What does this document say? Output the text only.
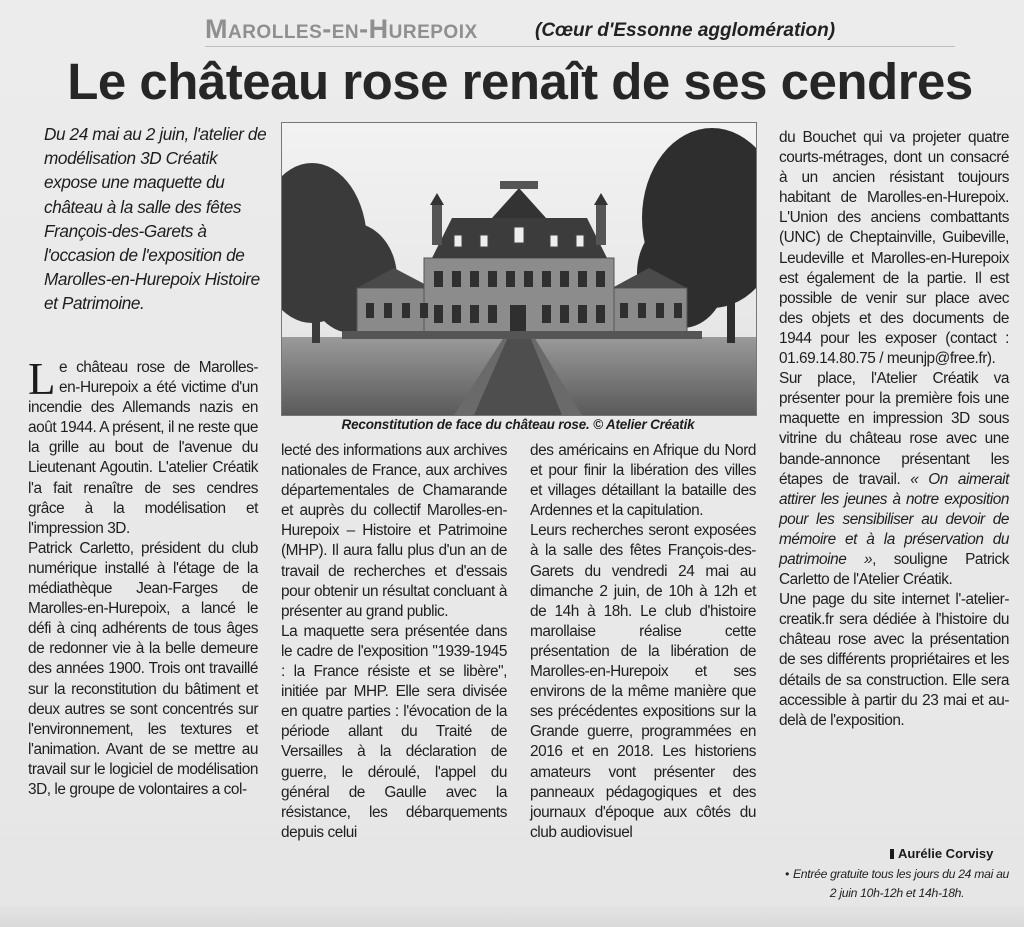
Marolles-en-Hurepoix	(Cœur d'Essonne agglomération)
Le château rose renaît de ses cendres
Du 24 mai au 2 juin, l'atelier de modélisation 3D Créatik expose une maquette du château à la salle des fêtes François-des-Garets à l'occasion de l'exposition de Marolles-en-Hurepoix Histoire et Patrimoine.
Reconstitution de face du château rose. © Atelier Créatik

Le château rose de Marolles-en-Hurepoix a été victime d'un incendie des Allemands nazis en août 1944. A présent, il ne reste que la grille au bout de l'avenue du Lieutenant Agoutin. L'atelier Créatik l'a fait renaître de ses cendres grâce à la modélisation et l'impression 3D.

Patrick Carletto, président du club numérique installé à l'étage de la médiathèque Jean-Farges de Marolles-en-Hurepoix, a lancé le défi à cinq adhérents de tous âges de redonner vie à la belle demeure des années 1900. Trois ont travaillé sur la reconstitution du bâtiment et deux autres se sont concentrés sur l'environnement, les textures et l'animation. Avant de se mettre au travail sur le logiciel de modélisation 3D, le groupe de volontaires a col-

lecté des informations aux archives nationales de France, aux archives départementales de Chamarande et auprès du collectif Marolles-en-Hurepoix – Histoire et Patrimoine (MHP). Il aura fallu plus d'un an de travail de recherches et d'essais pour obtenir un résultat concluant à présenter au grand public.

La maquette sera présentée dans le cadre de l'exposition "1939-1945 : la France résiste et se libère", initiée par MHP. Elle sera divisée en quatre parties : l'évocation de la période allant du Traité de Versailles à la déclaration de guerre, le déroulé, l'appel du général de Gaulle avec la résistance, les débarquements depuis celui

des américains en Afrique du Nord et pour finir la libération des villes et villages détaillant la bataille des Ardennes et la capitulation.

Leurs recherches seront exposées à la salle des fêtes François-des-Garets du vendredi 24 mai au dimanche 2 juin, de 10h à 12h et de 14h à 18h. Le club d'histoire marollaise réalise cette présentation de la libération de Marolles-en-Hurepoix et ses environs de la même manière que ses précédentes expositions sur la Grande guerre, programmées en 2016 et en 2018. Les historiens amateurs vont présenter des panneaux pédagogiques et des journaux d'époque aux côtés du club audiovisuel

du Bouchet qui va projeter quatre courts-métrages, dont un consacré à un ancien résistant toujours habitant de Marolles-en-Hurepoix. L'Union des anciens combattants (UNC) de Cheptainville, Guibeville, Leudeville et Marolles-en-Hurepoix est également de la partie. Il est possible de venir sur place avec des objets et des documents de 1944 pour les exposer (contact : 01.69.14.80.75 / meunjp@free.fr).

Sur place, l'Atelier Créatik va présenter pour la première fois une maquette en impression 3D sous vitrine du château rose avec une bande-annonce présentant les étapes de travail. « On aimerait attirer les jeunes à notre exposition pour les sensibiliser au devoir de mémoire et à la préservation du patrimoine », souligne Patrick Carletto de l'Atelier Créatik.

Une page du site internet l'-atelier-creatik.fr sera dédiée à l'histoire du château rose avec la présentation de ses différents propriétaires et les détails de sa construction. Elle sera accessible à partir du 23 mai et au-delà de l'exposition.

Aurélie Corvisy
• Entrée gratuite tous les jours du 24 mai au 2 juin 10h-12h et 14h-18h.
